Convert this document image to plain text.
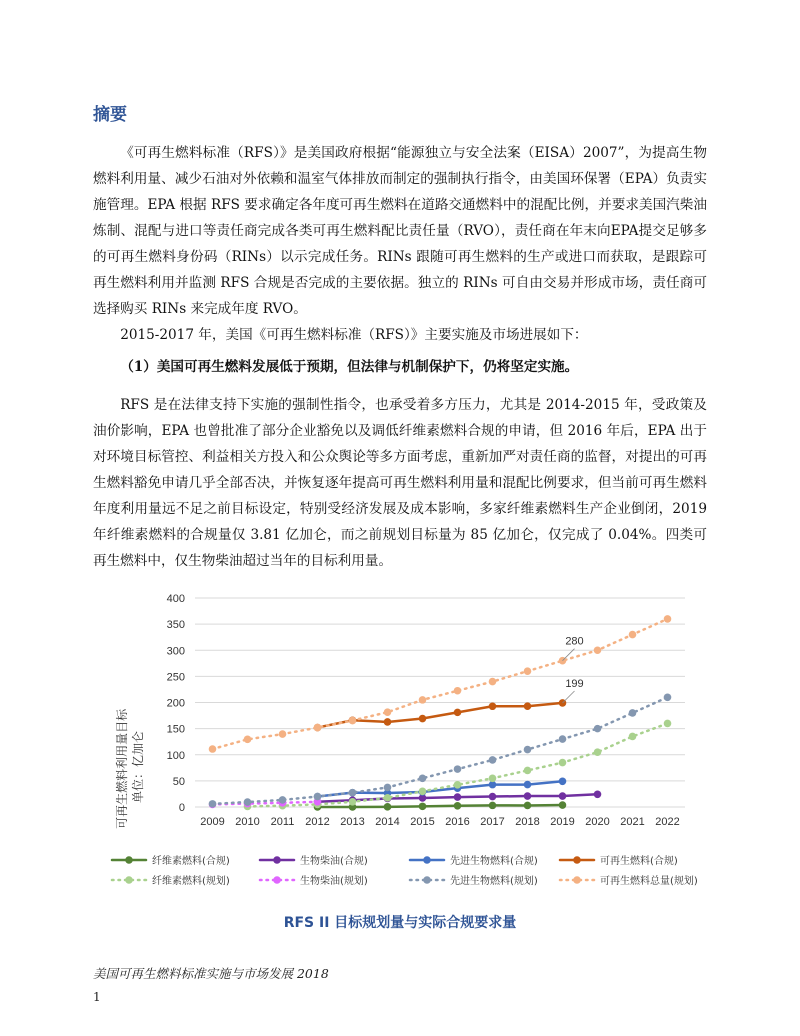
摘要

《可再生燃料标准（RFS）》是美国政府根据“能源独立与安全法案（EISA）2007”，为提高生物燃料利用量、减少石油对外依赖和温室气体排放而制定的强制执行指令，由美国环保署（EPA）负责实施管理。EPA 根据 RFS 要求确定各年度可再生燃料在道路交通燃料中的混配比例，并要求美国汽柴油炼制、混配与进口等责任商完成各类可再生燃料配比责任量（RVO），责任商在年末向EPA提交足够多的可再生燃料身份码（RINs）以示完成任务。RINs 跟随可再生燃料的生产或进口而获取，是跟踪可再生燃料利用并监测 RFS 合规是否完成的主要依据。独立的 RINs 可自由交易并形成市场，责任商可选择购买 RINs 来完成年度 RVO。

2015-2017 年，美国《可再生燃料标准（RFS）》主要实施及市场进展如下：

（1）美国可再生燃料发展低于预期，但法律与机制保护下，仍将坚定实施。

RFS 是在法律支持下实施的强制性指令，也承受着多方压力，尤其是 2014-2015 年，受政策及油价影响，EPA 也曾批准了部分企业豁免以及调低纤维素燃料合规的申请，但 2016 年后，EPA 出于对环境目标管控、利益相关方投入和公众舆论等多方面考虑，重新加严对责任商的监督，对提出的可再生燃料豁免申请几乎全部否决，并恢复逐年提高可再生燃料利用量和混配比例要求，但当前可再生燃料年度利用量远不足之前目标设定，特别受经济发展及成本影响，多家纤维素燃料生产企业倒闭，2019 年纤维素燃料的合规量仅 3.81 亿加仑，而之前规划目标量为 85 亿加仑，仅完成了 0.04%。四类可再生燃料中，仅生物柴油超过当年的目标利用量。

0
50
100
150
200
250
300
350
400
2009 2010 2011 2012 2013 2014 2015 2016 2017 2018 2019 2020 2021 2022
可再生燃料利用量目标 单位：亿加仑
280
199
纤维素燃料(合规)	生物柴油(合规)	先进生物燃料(合规)	可再生燃料(合规)
纤维素燃料(规划)	生物柴油(规划)	先进生物燃料(规划)	可再生燃料总量(规划)
RFS II 目标规划量与实际合规要求量
美国可再生燃料标准实施与市场发展 2018
1
